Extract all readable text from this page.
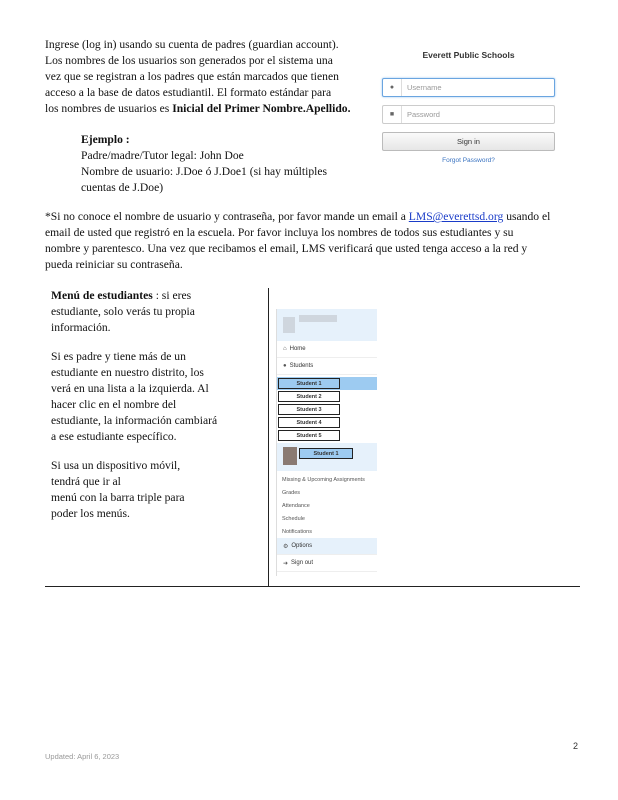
Ingrese (log in) usando su cuenta de padres (guardian account).
Los nombres de los usuarios son generados por el sistema una
vez que se registran a los padres que están marcados que tienen
acceso a la base de datos estudiantil. El formato estándar para
los nombres de usuarios es Inicial del Primer Nombre.Apellido.
Ejemplo :
Padre/madre/Tutor legal: John Doe
Nombre de usuario: J.Doe ó J.Doe1 (si hay múltiples
cuentas de J.Doe)
Everett Public Schools
●	Username
■	Password
Sign in
Forgot Password?
*Si no conoce el nombre de usuario y contraseña, por favor mande un email a LMS@everettsd.org usando el
email de usted que registró en la escuela. Por favor incluya los nombres de todos sus estudiantes y su
nombre y parentesco. Una vez que recibamos el email, LMS verificará que usted tenga acceso a la red y
pueda reiniciar su contraseña.
Menú de estudiantes : si eres
estudiante, solo verás tu propia
información.
Si es padre y tiene más de un
estudiante en nuestro distrito, los
verá en una lista a la izquierda. Al
hacer clic en el nombre del
estudiante, la información cambiará
a ese estudiante específico.
Si usa un dispositivo móvil,
tendrá que ir al
menú con la barra triple para
poder los menús.
⌂ Home
● Students
Student 1
Student 2
Student 3
Student 4
Student 5
Student 1
Missing & Upcoming Assignments
Grades
Attendance
Schedule
Notifications
⚙ Options
➜ Sign out
Updated: April 6, 2023
2
